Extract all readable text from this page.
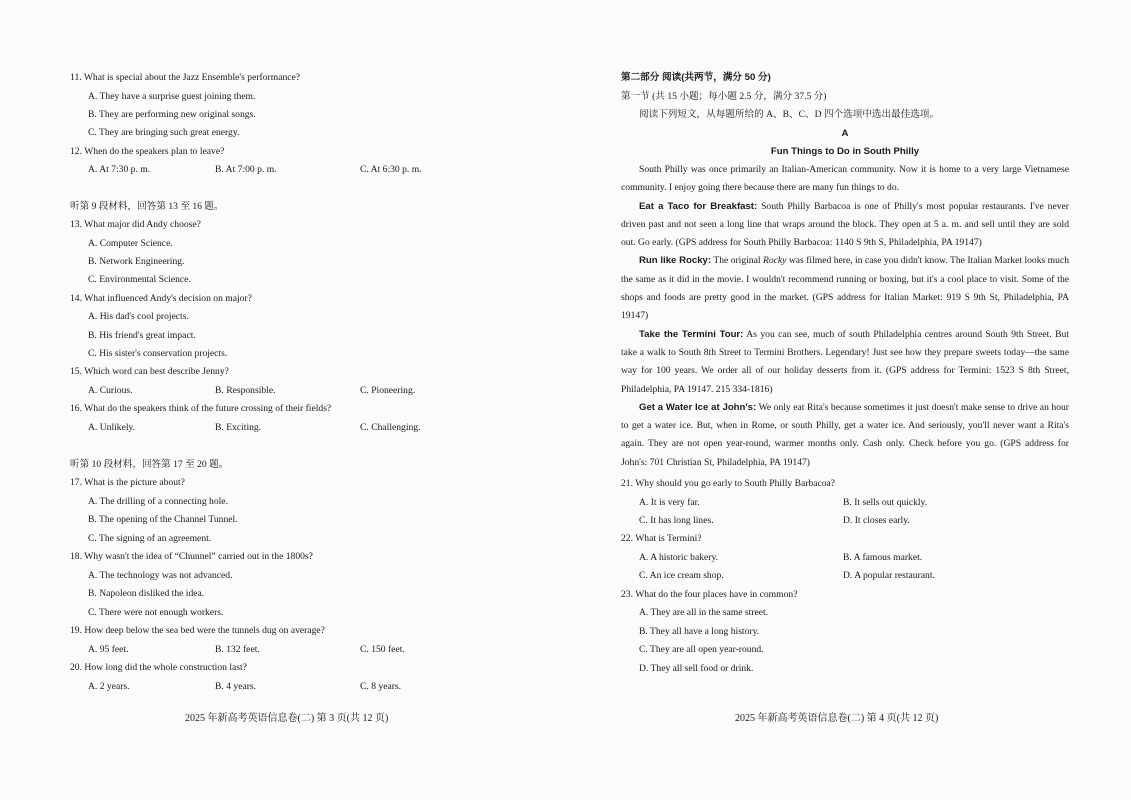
11. What is special about the Jazz Ensemble's performance?
A. They have a surprise guest joining them.
B. They are performing new original songs.
C. They are bringing such great energy.
12. When do the speakers plan to leave?
A. At 7:30 p. m.	B. At 7:00 p. m.	C. At 6:30 p. m.
听第 9 段材料，回答第 13 至 16 题。
13. What major did Andy choose?
A. Computer Science.
B. Network Engineering.
C. Environmental Science.
14. What influenced Andy's decision on major?
A. His dad's cool projects.
B. His friend's great impact.
C. His sister's conservation projects.
15. Which word can best describe Jenny?
A. Curious.	B. Responsible.	C. Pioneering.
16. What do the speakers think of the future crossing of their fields?
A. Unlikely.	B. Exciting.	C. Challenging.
听第 10 段材料，回答第 17 至 20 题。
17. What is the picture about?
A. The drilling of a connecting hole.
B. The opening of the Channel Tunnel.
C. The signing of an agreement.
18. Why wasn't the idea of “Chunnel” carried out in the 1800s?
A. The technology was not advanced.
B. Napoleon disliked the idea.
C. There were not enough workers.
19. How deep below the sea bed were the tunnels dug on average?
A. 95 feet.	B. 132 feet.	C. 150 feet.
20. How long did the whole construction last?
A. 2 years.	B. 4 years.	C. 8 years.
2025 年新高考英语信息卷(二) 第 3 页(共 12 页)
第二部分 阅读(共两节，满分 50 分)
第一节 (共 15 小题；每小题 2.5 分，满分 37.5 分)
阅读下列短文，从每题所给的 A、B、C、D 四个选项中选出最佳选项。
A
Fun Things to Do in South Philly

South Philly was once primarily an Italian-American community. Now it is home to a very large Vietnamese community. I enjoy going there because there are many fun things to do.

Eat a Taco for Breakfast: South Philly Barbacoa is one of Philly's most popular restaurants. I've never driven past and not seen a long line that wraps around the block. They open at 5 a. m. and sell until they are sold out. Go early. (GPS address for South Philly Barbacoa: 1140 S 9th S, Philadelphia, PA 19147)

Run like Rocky: The original Rocky was filmed here, in case you didn't know. The Italian Market looks much the same as it did in the movie. I wouldn't recommend running or boxing, but it's a cool place to visit. Some of the shops and foods are pretty good in the market. (GPS address for Italian Market: 919 S 9th St, Philadelphia, PA 19147)

Take the Termini Tour: As you can see, much of south Philadelphia centres around South 9th Street. But take a walk to South 8th Street to Termini Brothers. Legendary! Just see how they prepare sweets today—the same way for 100 years. We order all of our holiday desserts from it. (GPS address for Termini: 1523 S 8th Street, Philadelphia, PA 19147. 215 334-1816)

Get a Water Ice at John's: We only eat Rita's because sometimes it just doesn't make sense to drive an hour to get a water ice. But, when in Rome, or south Philly, get a water ice. And seriously, you'll never want a Rita's again. They are not open year-round, warmer months only. Cash only. Check before you go. (GPS address for John's: 701 Christian St, Philadelphia, PA 19147)

21. Why should you go early to South Philly Barbacoa?
A. It is very far.	B. It sells out quickly.
C. It has long lines.	D. It closes early.
22. What is Termini?
A. A historic bakery.	B. A famous market.
C. An ice cream shop.	D. A popular restaurant.
23. What do the four places have in common?
A. They are all in the same street.
B. They all have a long history.
C. They are all open year-round.
D. They all sell food or drink.
2025 年新高考英语信息卷(二) 第 4 页(共 12 页)
